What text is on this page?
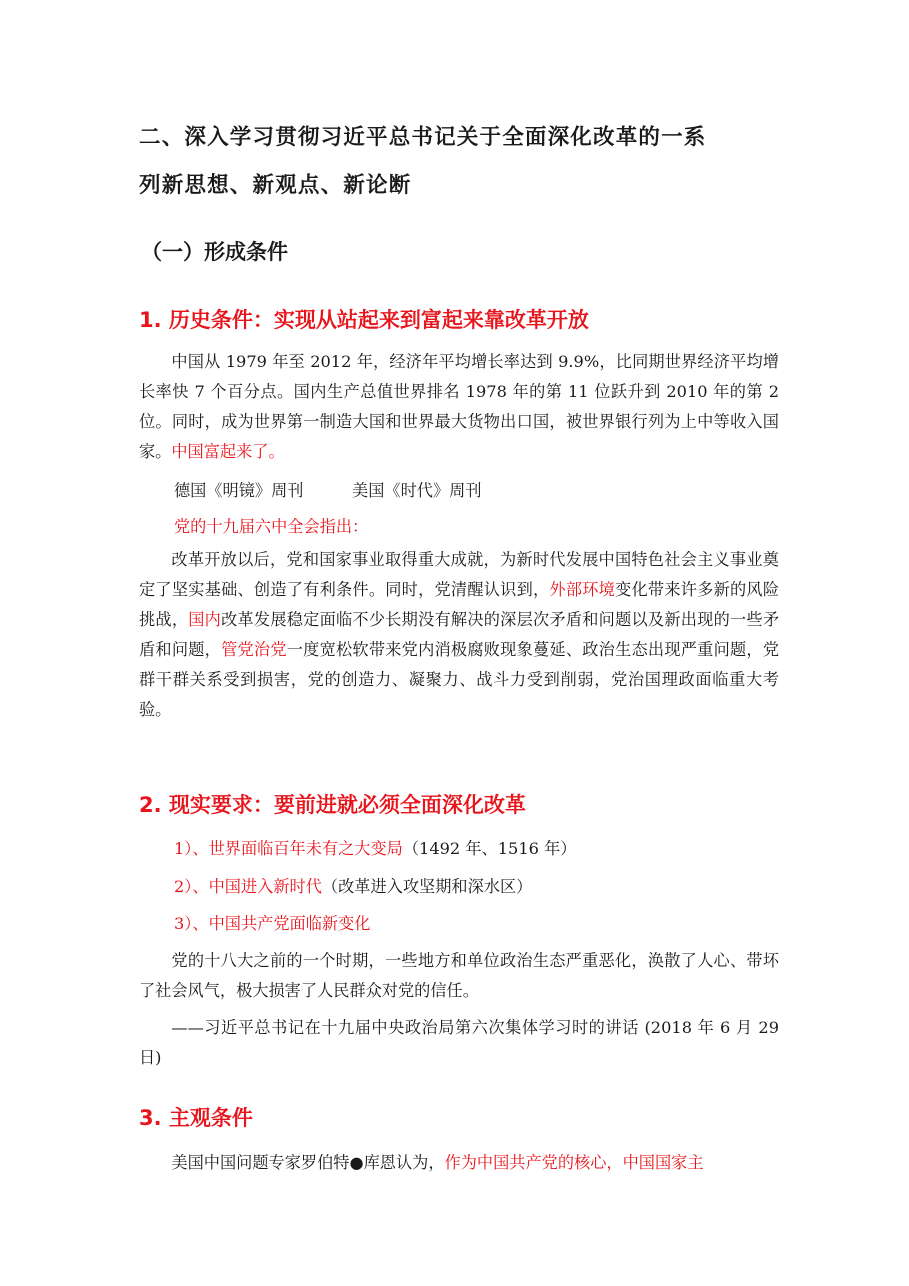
二、深入学习贯彻习近平总书记关于全面深化改革的一系
列新思想、新观点、新论断
（一）形成条件
1. 历史条件：实现从站起来到富起来靠改革开放

中国从 1979 年至 2012 年，经济年平均增长率达到 9.9%，比同期世界经济平均增长率快 7 个百分点。国内生产总值世界排名 1978 年的第 11 位跃升到 2010 年的第 2 位。同时，成为世界第一制造大国和世界最大货物出口国，被世界银行列为上中等收入国家。中国富起来了。

德国《明镜》周刊　　　美国《时代》周刊

党的十九届六中全会指出：

改革开放以后，党和国家事业取得重大成就，为新时代发展中国特色社会主义事业奠定了坚实基础、创造了有利条件。同时，党清醒认识到，外部环境变化带来许多新的风险挑战，国内改革发展稳定面临不少长期没有解决的深层次矛盾和问题以及新出现的一些矛盾和问题，管党治党一度宽松软带来党内消极腐败现象蔓延、政治生态出现严重问题，党群干群关系受到损害，党的创造力、凝聚力、战斗力受到削弱，党治国理政面临重大考验。

2. 现实要求：要前进就必须全面深化改革

1）、世界面临百年未有之大变局（1492 年、1516 年）

2）、中国进入新时代（改革进入攻坚期和深水区）

3）、中国共产党面临新变化

党的十八大之前的一个时期，一些地方和单位政治生态严重恶化，涣散了人心、带坏了社会风气，极大损害了人民群众对党的信任。

——习近平总书记在十九届中央政治局第六次集体学习时的讲话 (2018 年 6 月 29 日)

3. 主观条件

美国中国问题专家罗伯特●库恩认为，作为中国共产党的核心，中国国家主
